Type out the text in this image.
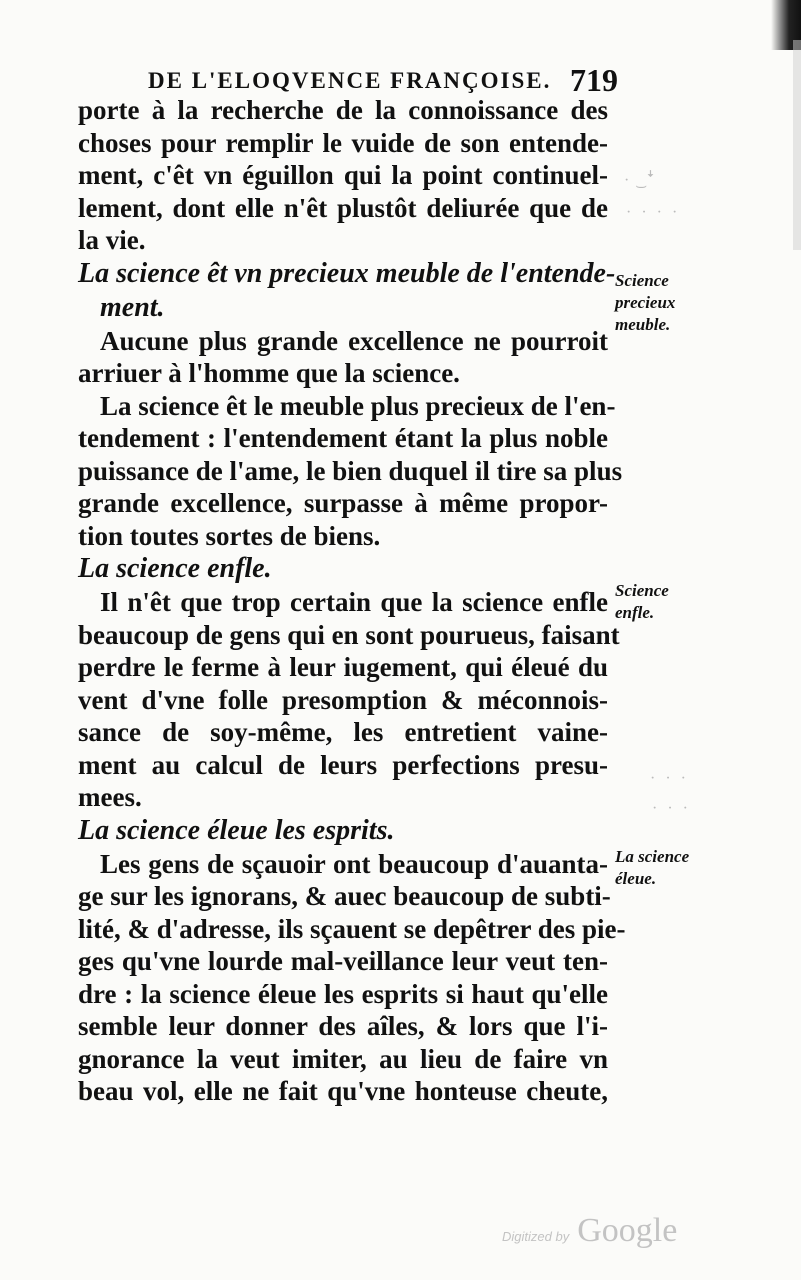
DE L'ELOQVENCE FRANÇOISE. 719
porte à la recherche de la connoissance des
choses pour remplir le vuide de son entende-
ment, c'êt vn éguillon qui la point continuel-
lement, dont elle n'êt plustôt deliurée que de
la vie.
La science êt vn precieux meuble de l'entende-
ment.
Aucune plus grande excellence ne pourroit
arriuer à l'homme que la science.
La science êt le meuble plus precieux de l'en-
tendement : l'entendement étant la plus noble
puissance de l'ame, le bien duquel il tire sa plus
grande excellence, surpasse à même propor-
tion toutes sortes de biens.
La science enfle.
Il n'êt que trop certain que la science enfle
beaucoup de gens qui en sont pourueus, faisant
perdre le ferme à leur iugement, qui éleué du
vent d'vne folle presomption & méconnois-
sance de soy-même, les entretient vaine-
ment au calcul de leurs perfections presu-
mees.
La science éleue les esprits.
Les gens de sçauoir ont beaucoup d'auanta-
ge sur les ignorans, & auec beaucoup de subti-
lité, & d'adresse, ils sçauent se depêtrer des pie-
ges qu'vne lourde mal-veillance leur veut ten-
dre : la science éleue les esprits si haut qu'elle
semble leur donner des aîles, & lors que l'i-
gnorance la veut imiter, au lieu de faire vn
beau vol, elle ne fait qu'vne honteuse cheute,
Science
precieux
meuble.
Science
enfle.
La science
éleue.
· ͜ ꜜ
· · · ·
· · ·
· · ·
Digitized by Google
